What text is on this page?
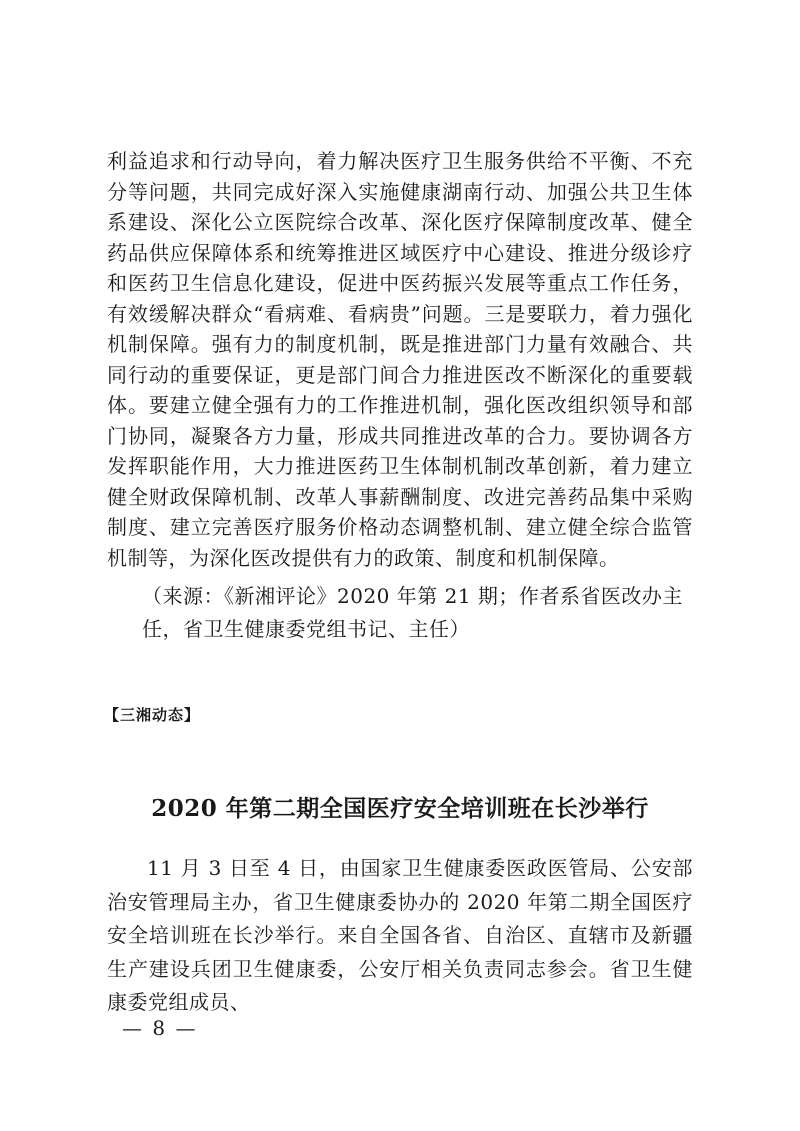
利益追求和行动导向，着力解决医疗卫生服务供给不平衡、不充分等问题，共同完成好深入实施健康湖南行动、加强公共卫生体系建设、深化公立医院综合改革、深化医疗保障制度改革、健全药品供应保障体系和统筹推进区域医疗中心建设、推进分级诊疗和医药卫生信息化建设，促进中医药振兴发展等重点工作任务，有效缓解决群众“看病难、看病贵”问题。三是要联力，着力强化机制保障。强有力的制度机制，既是推进部门力量有效融合、共同行动的重要保证，更是部门间合力推进医改不断深化的重要载体。要建立健全强有力的工作推进机制，强化医改组织领导和部门协同，凝聚各方力量，形成共同推进改革的合力。要协调各方发挥职能作用，大力推进医药卫生体制机制改革创新，着力建立健全财政保障机制、改革人事薪酬制度、改进完善药品集中采购制度、建立完善医疗服务价格动态调整机制、建立健全综合监管机制等，为深化医改提供有力的政策、制度和机制保障。

（来源：《新湘评论》2020 年第 21 期；作者系省医改办主任，省卫生健康委党组书记、主任）

【三湘动态】
2020 年第二期全国医疗安全培训班在长沙举行

11 月 3 日至 4 日，由国家卫生健康委医政医管局、公安部治安管理局主办，省卫生健康委协办的 2020 年第二期全国医疗安全培训班在长沙举行。来自全国各省、自治区、直辖市及新疆生产建设兵团卫生健康委，公安厅相关负责同志参会。省卫生健康委党组成员、

— 8 —
